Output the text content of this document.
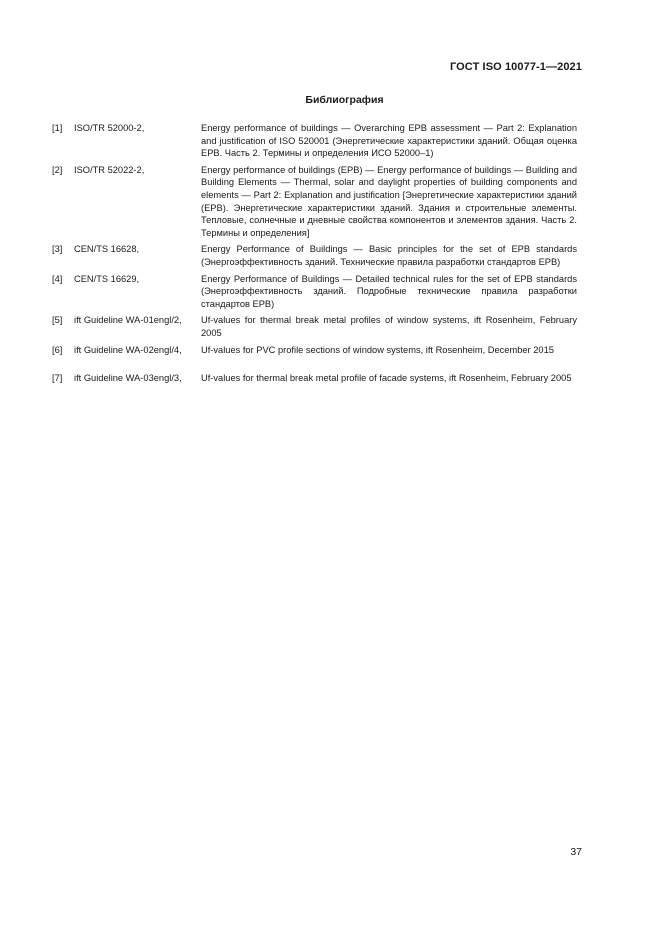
ГОСТ ISO 10077-1—2021
Библиография
[1]	ISO/TR 52000-2,	Energy performance of buildings — Overarching EPB assessment — Part 2: Explanation and justification of ISO 520001 (Энергетические характеристики зданий. Общая оценка EPB. Часть 2. Термины и определения ИСО 52000–1)
[2]	ISO/TR 52022-2,	Energy performance of buildings (EPB) — Energy performance of buildings — Building and Building Elements — Thermal, solar and daylight properties of building components and elements — Part 2: Explanation and justification [Энергетические характеристики зданий (EPB). Энергетические характеристики зданий. Здания и строительные элементы. Тепловые, солнечные и дневные свойства компонентов и элементов здания. Часть 2. Термины и определения]
[3]	CEN/TS 16628,	Energy Performance of Buildings — Basic principles for the set of EPB standards (Энергоэффективность зданий. Технические правила разработки стандартов EPB)
[4]	CEN/TS 16629,	Energy Performance of Buildings — Detailed technical rules for the set of EPB standards (Энергоэффективность зданий. Подробные технические правила разработки стандартов EPB)
[5]	ift Guideline WA-01engl/2,	Uf-values for thermal break metal profiles of window systems, ift Rosenheim, February 2005
[6]	ift Guideline WA-02engl/4,	Uf-values for PVC profile sections of window systems, ift Rosenheim, December 2015
[7]	ift Guideline WA-03engl/3,	Uf-values for thermal break metal profile of facade systems, ift Rosenheim, February 2005
37
